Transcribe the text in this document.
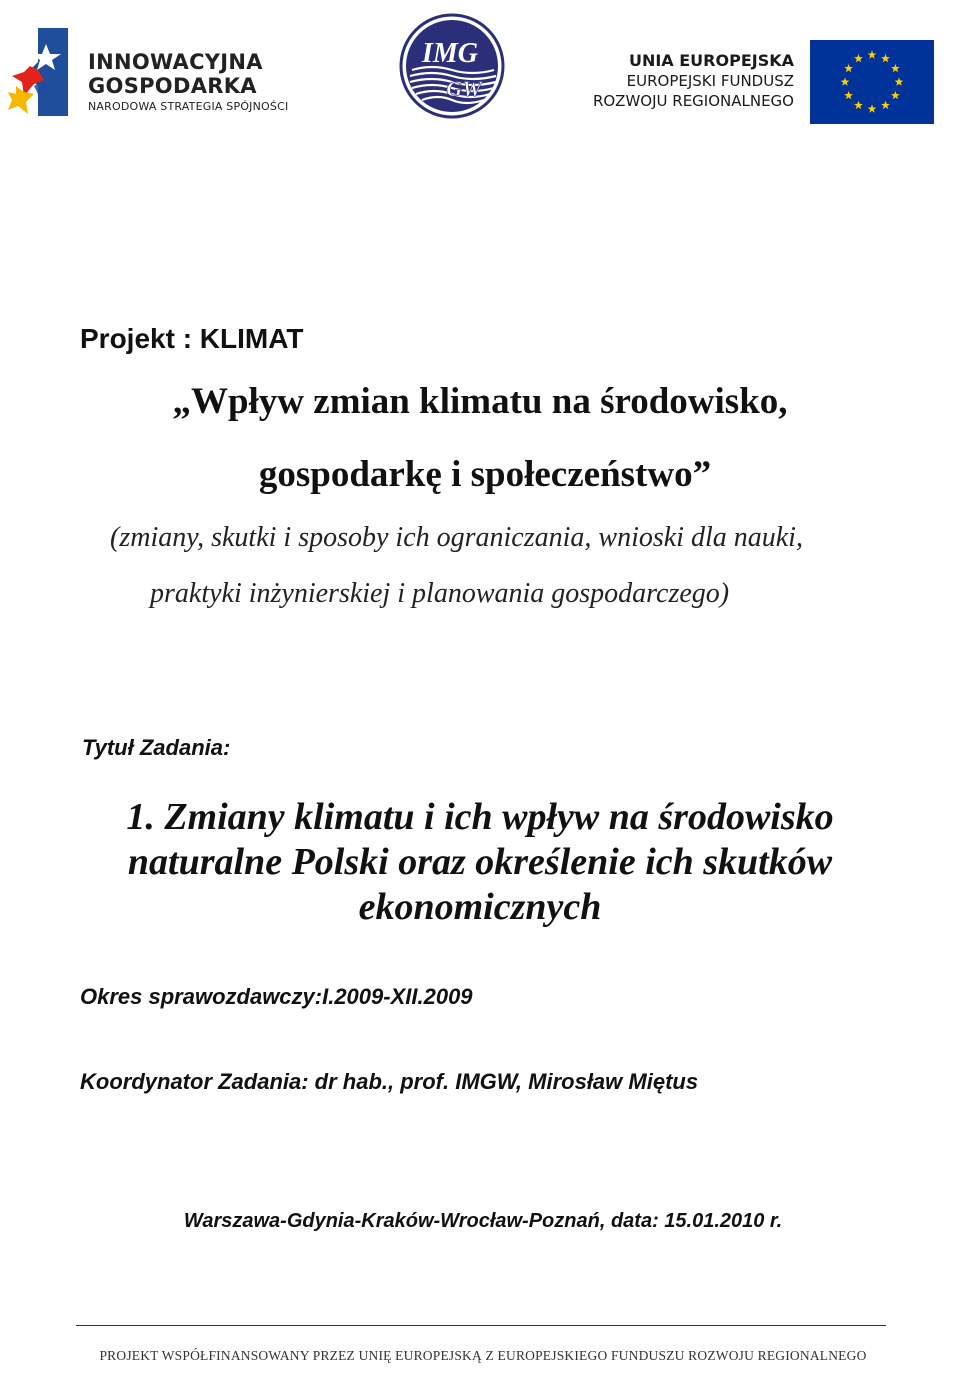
INNOWACYJNA
GOSPODARKA
NARODOWA STRATEGIA SPÓJNOŚCI
IMG
GW
UNIA EUROPEJSKA
EUROPEJSKI FUNDUSZ
ROZWOJU REGIONALNEGO
Projekt : KLIMAT
„Wpływ zmian klimatu na środowisko,
gospodarkę i społeczeństwo”
(zmiany, skutki i sposoby ich ograniczania, wnioski dla nauki,
praktyki inżynierskiej i planowania gospodarczego)
Tytuł Zadania:
1. Zmiany klimatu i ich wpływ na środowisko
naturalne Polski oraz określenie ich skutków
ekonomicznych
Okres sprawozdawczy:I.2009-XII.2009
Koordynator Zadania: dr hab., prof. IMGW, Mirosław Miętus
Warszawa-Gdynia-Kraków-Wrocław-Poznań, data: 15.01.2010 r.
PROJEKT WSPÓŁFINANSOWANY PRZEZ UNIĘ EUROPEJSKĄ Z EUROPEJSKIEGO FUNDUSZU ROZWOJU REGIONALNEGO
